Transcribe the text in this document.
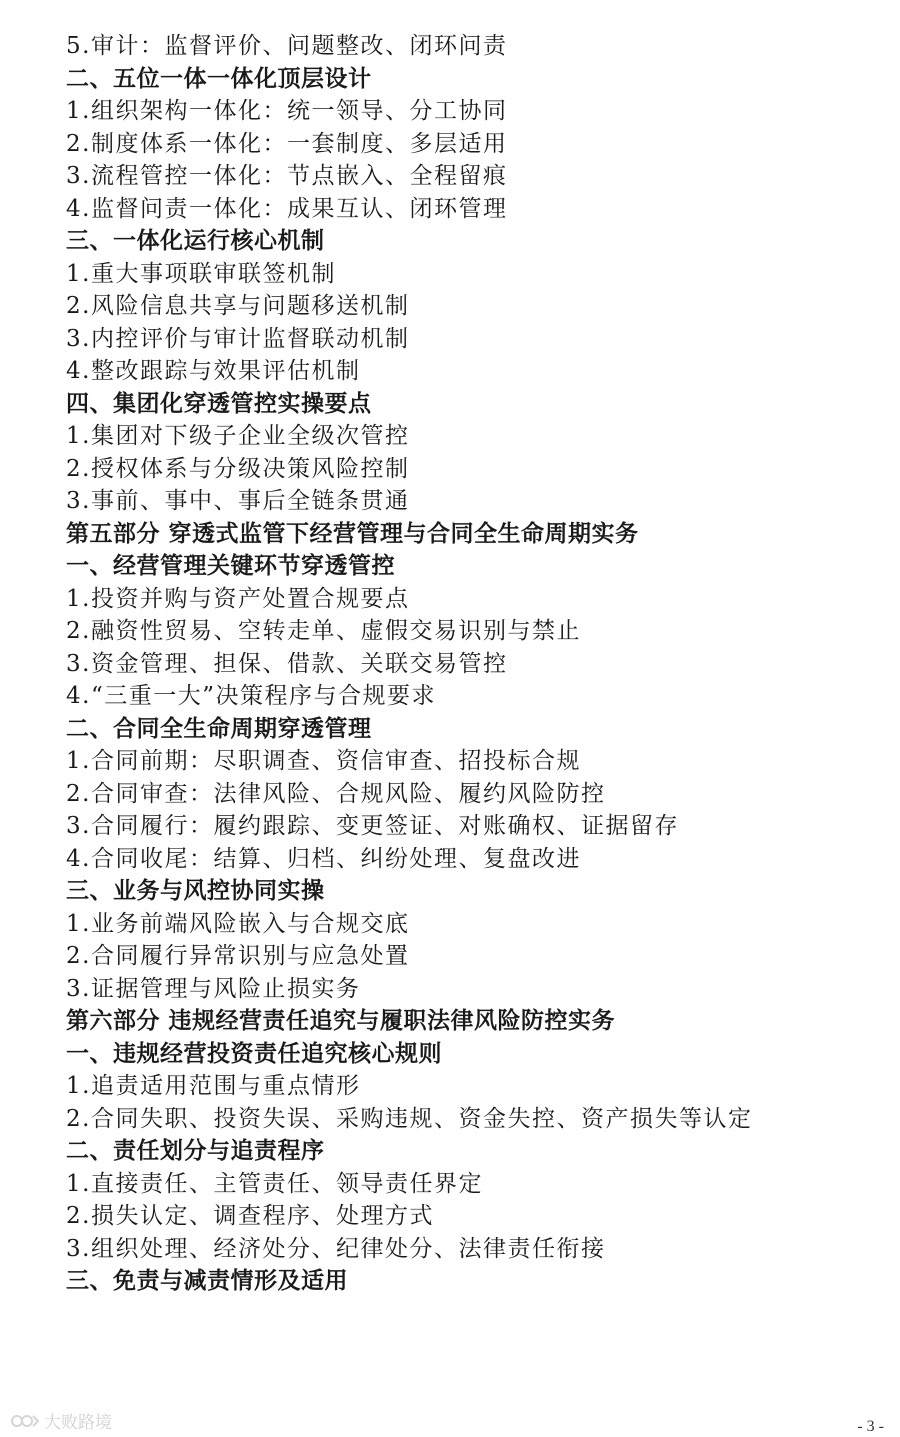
5.审计：监督评价、问题整改、闭环问责
二、五位一体一体化顶层设计
1.组织架构一体化：统一领导、分工协同
2.制度体系一体化：一套制度、多层适用
3.流程管控一体化：节点嵌入、全程留痕
4.监督问责一体化：成果互认、闭环管理
三、一体化运行核心机制
1.重大事项联审联签机制
2.风险信息共享与问题移送机制
3.内控评价与审计监督联动机制
4.整改跟踪与效果评估机制
四、集团化穿透管控实操要点
1.集团对下级子企业全级次管控
2.授权体系与分级决策风险控制
3.事前、事中、事后全链条贯通
第五部分 穿透式监管下经营管理与合同全生命周期实务
一、经营管理关键环节穿透管控
1.投资并购与资产处置合规要点
2.融资性贸易、空转走单、虚假交易识别与禁止
3.资金管理、担保、借款、关联交易管控
4.“三重一大”决策程序与合规要求
二、合同全生命周期穿透管理
1.合同前期：尽职调查、资信审查、招投标合规
2.合同审查：法律风险、合规风险、履约风险防控
3.合同履行：履约跟踪、变更签证、对账确权、证据留存
4.合同收尾：结算、归档、纠纷处理、复盘改进
三、业务与风控协同实操
1.业务前端风险嵌入与合规交底
2.合同履行异常识别与应急处置
3.证据管理与风险止损实务
第六部分 违规经营责任追究与履职法律风险防控实务
一、违规经营投资责任追究核心规则
1.追责适用范围与重点情形
2.合同失职、投资失误、采购违规、资金失控、资产损失等认定
二、责任划分与追责程序
1.直接责任、主管责任、领导责任界定
2.损失认定、调查程序、处理方式
3.组织处理、经济处分、纪律处分、法律责任衔接
三、免责与减责情形及适用
大败路境	- 3 -
